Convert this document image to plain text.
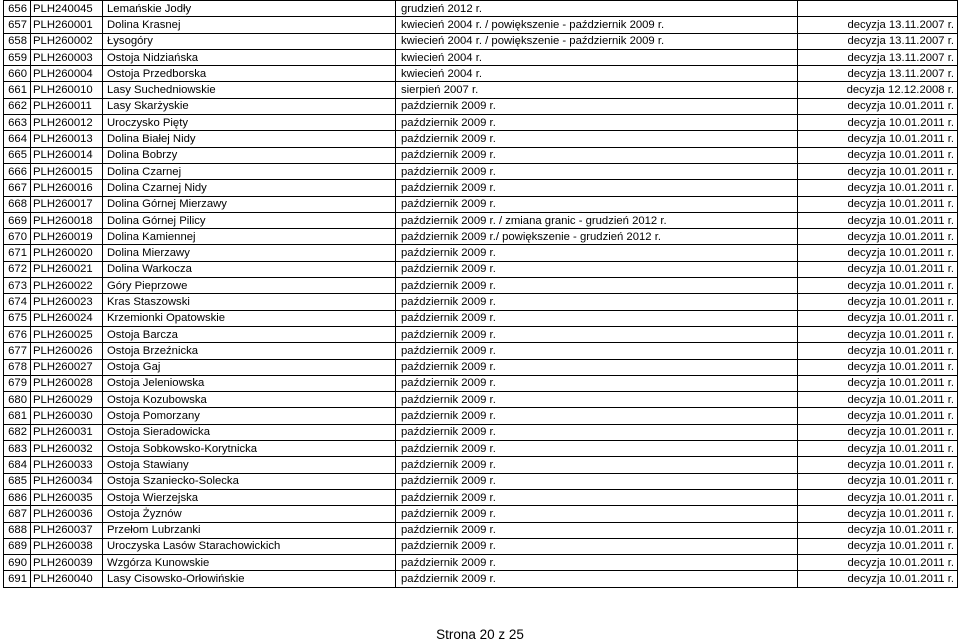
656	PLH240045	Lemańskie Jodły	grudzień 2012 r.	
657	PLH260001	Dolina Krasnej	kwiecień 2004 r. / powiększenie - październik 2009 r.	decyzja 13.11.2007 r.
658	PLH260002	Łysogóry	kwiecień 2004 r. / powiększenie - październik 2009 r.	decyzja 13.11.2007 r.
659	PLH260003	Ostoja Nidziańska	kwiecień 2004 r.	decyzja 13.11.2007 r.
660	PLH260004	Ostoja Przedborska	kwiecień 2004 r.	decyzja 13.11.2007 r.
661	PLH260010	Lasy Suchedniowskie	sierpień 2007 r.	decyzja 12.12.2008 r.
662	PLH260011	Lasy Skarżyskie	październik 2009 r.	decyzja 10.01.2011 r.
663	PLH260012	Uroczysko Pięty	październik 2009 r.	decyzja 10.01.2011 r.
664	PLH260013	Dolina Białej Nidy	październik 2009 r.	decyzja 10.01.2011 r.
665	PLH260014	Dolina Bobrzy	październik 2009 r.	decyzja 10.01.2011 r.
666	PLH260015	Dolina Czarnej	październik 2009 r.	decyzja 10.01.2011 r.
667	PLH260016	Dolina Czarnej Nidy	październik 2009 r.	decyzja 10.01.2011 r.
668	PLH260017	Dolina Górnej Mierzawy	październik 2009 r.	decyzja 10.01.2011 r.
669	PLH260018	Dolina Górnej Pilicy	październik 2009 r. / zmiana granic - grudzień 2012 r.	decyzja 10.01.2011 r.
670	PLH260019	Dolina Kamiennej	październik 2009 r./ powiększenie - grudzień 2012 r.	decyzja 10.01.2011 r.
671	PLH260020	Dolina Mierzawy	październik 2009 r.	decyzja 10.01.2011 r.
672	PLH260021	Dolina Warkocza	październik 2009 r.	decyzja 10.01.2011 r.
673	PLH260022	Góry Pieprzowe	październik 2009 r.	decyzja 10.01.2011 r.
674	PLH260023	Kras Staszowski	październik 2009 r.	decyzja 10.01.2011 r.
675	PLH260024	Krzemionki Opatowskie	październik 2009 r.	decyzja 10.01.2011 r.
676	PLH260025	Ostoja Barcza	październik 2009 r.	decyzja 10.01.2011 r.
677	PLH260026	Ostoja Brzeźnicka	październik 2009 r.	decyzja 10.01.2011 r.
678	PLH260027	Ostoja Gaj	październik 2009 r.	decyzja 10.01.2011 r.
679	PLH260028	Ostoja Jeleniowska	październik 2009 r.	decyzja 10.01.2011 r.
680	PLH260029	Ostoja Kozubowska	październik 2009 r.	decyzja 10.01.2011 r.
681	PLH260030	Ostoja Pomorzany	październik 2009 r.	decyzja 10.01.2011 r.
682	PLH260031	Ostoja Sieradowicka	październik 2009 r.	decyzja 10.01.2011 r.
683	PLH260032	Ostoja Sobkowsko-Korytnicka	październik 2009 r.	decyzja 10.01.2011 r.
684	PLH260033	Ostoja Stawiany	październik 2009 r.	decyzja 10.01.2011 r.
685	PLH260034	Ostoja Szaniecko-Solecka	październik 2009 r.	decyzja 10.01.2011 r.
686	PLH260035	Ostoja Wierzejska	październik 2009 r.	decyzja 10.01.2011 r.
687	PLH260036	Ostoja Żyznów	październik 2009 r.	decyzja 10.01.2011 r.
688	PLH260037	Przełom Lubrzanki	październik 2009 r.	decyzja 10.01.2011 r.
689	PLH260038	Uroczyska Lasów Starachowickich	październik 2009 r.	decyzja 10.01.2011 r.
690	PLH260039	Wzgórza Kunowskie	październik 2009 r.	decyzja 10.01.2011 r.
691	PLH260040	Lasy Cisowsko-Orłowińskie	październik 2009 r.	decyzja 10.01.2011 r.
Strona 20 z 25
